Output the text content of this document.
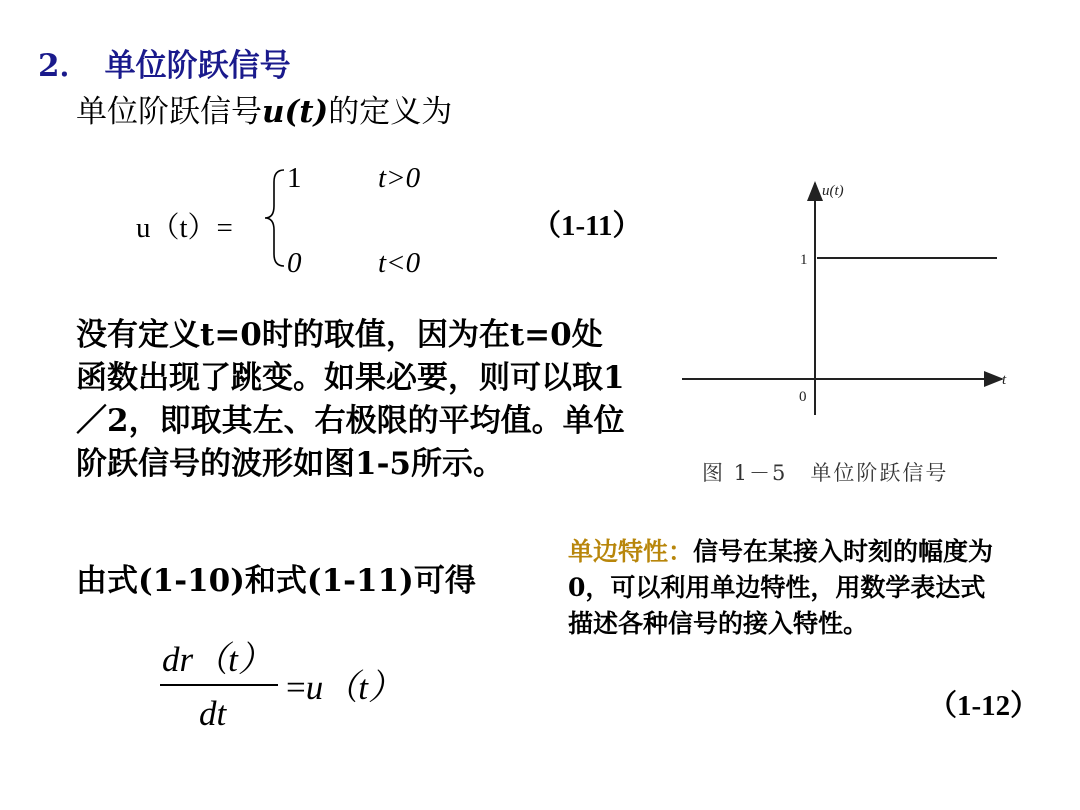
2． 单位阶跃信号
单位阶跃信号u(t)的定义为
u（t）=
1	t>0
0	t<0
（1-11）
没有定义t=0时的取值，因为在t=0处函数出现了跳变。如果必要，则可以取1／2，即取其左、右极限的平均值。单位阶跃信号的波形如图1-5所示。
由式(1-10)和式(1-11)可得
dr（t）
dt
=u（t）	（1-12）
单边特性：信号在某接入时刻的幅度为0，可以利用单边特性，用数学表达式描述各种信号的接入特性。
u(t)
t
1
0
图 1－5　单位阶跃信号
